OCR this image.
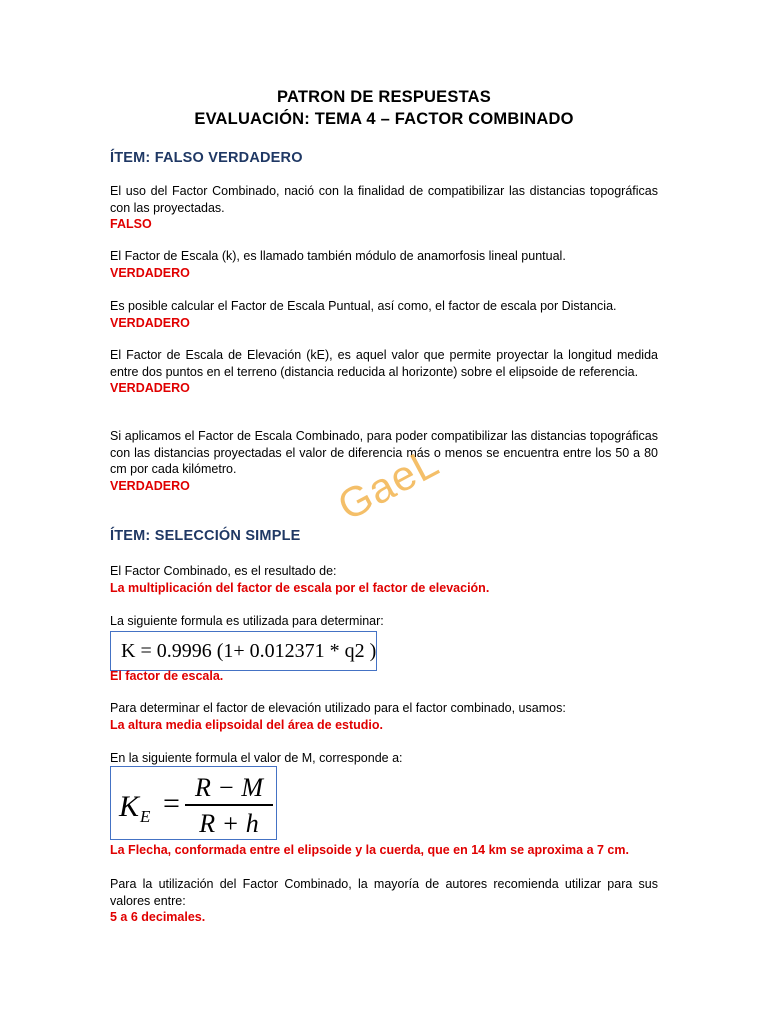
PATRON DE RESPUESTAS
EVALUACIÓN: TEMA 4 – FACTOR COMBINADO
ÍTEM: FALSO VERDADERO
El uso del Factor Combinado, nació con la finalidad de compatibilizar las distancias topográficas con las proyectadas.
FALSO
El Factor de Escala (k), es llamado también módulo de anamorfosis lineal puntual.
VERDADERO
Es posible calcular el Factor de Escala Puntual, así como, el factor de escala por Distancia.
VERDADERO
El Factor de Escala de Elevación (kE), es aquel valor que permite proyectar la longitud medida entre dos puntos en el terreno (distancia reducida al horizonte) sobre el elipsoide de referencia.
VERDADERO
Si aplicamos el Factor de Escala Combinado, para poder compatibilizar las distancias topográficas con las distancias proyectadas el valor de diferencia más o menos se encuentra entre los 50 a 80 cm por cada kilómetro.
VERDADERO	GaeL
ÍTEM: SELECCIÓN SIMPLE
El Factor Combinado, es el resultado de:
La multiplicación del factor de escala por el factor de elevación.
La siguiente formula es utilizada para determinar:
K = 0.9996 (1+ 0.012371 * q2 )
El factor de escala.
Para determinar el factor de elevación utilizado para el factor combinado, usamos:
La altura media elipsoidal del área de estudio.
En la siguiente formula el valor de M, corresponde a:
K E = R − M
R + h
La Flecha, conformada entre el elipsoide y la cuerda, que en 14 km se aproxima a 7 cm.
Para la utilización del Factor Combinado, la mayoría de autores recomienda utilizar para sus valores entre:
5 a 6 decimales.
